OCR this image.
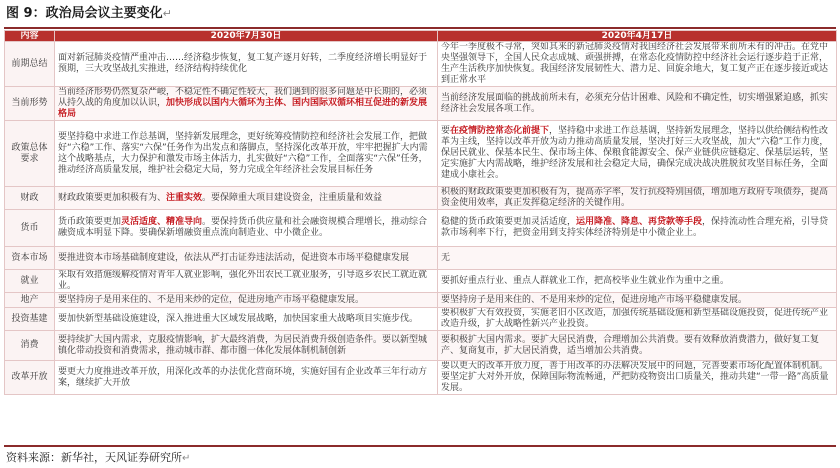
图 9：政治局会议主要变化↵
内容	2020年7月30日	2020年4月17日
前期总结	面对新冠肺炎疫情严重冲击……经济稳步恢复，复工复产逐月好转，二季度经济增长明显好于预期，三大攻坚战扎实推进，经济结构持续优化	今年一季度极不寻常，突如其来的新冠肺炎疫情对我国经济社会发展带来前所未有的冲击。在党中央坚强领导下，全国人民众志成城、顽强拼搏，在常态化疫情防控中经济社会运行逐步趋于正常，生产生活秩序加快恢复。我国经济发展韧性大、潜力足、回旋余地大，复工复产正在逐步接近或达到正常水平
当前形势	当前经济形势仍然复杂严峻，不稳定性不确定性较大，我们遇到的很多问题是中长期的，必须从持久战的角度加以认识，加快形成以国内大循环为主体、国内国际双循环相互促进的新发展格局	当前经济发展面临的挑战前所未有，必须充分估计困难、风险和不确定性，切实增强紧迫感，抓实经济社会发展各项工作。
政策总体要求	要坚持稳中求进工作总基调，坚持新发展理念，更好统筹疫情防控和经济社会发展工作，把做好“六稳”工作、落实“六保”任务作为出发点和落脚点，坚持深化改革开放，牢牢把握扩大内需这个战略基点，大力保护和激发市场主体活力，扎实做好“六稳”工作，全面落实“六保”任务，推动经济高质量发展，维护社会稳定大局，努力完成全年经济社会发展目标任务	要在疫情防控常态化前提下，坚持稳中求进工作总基调，坚持新发展理念，坚持以供给侧结构性改革为主线，坚持以改革开放为动力推动高质量发展，坚决打好三大攻坚战，加大“六稳”工作力度，保居民就业、保基本民生、保市场主体、保粮食能源安全、保产业链供应链稳定、保基层运转，坚定实施扩大内需战略，维护经济发展和社会稳定大局，确保完成决战决胜脱贫攻坚目标任务，全面建成小康社会。
财政	财政政策要更加积极有为、注重实效。要保障重大项目建设资金，注重质量和效益	积极的财政政策要更加积极有为，提高赤字率，发行抗疫特别国债，增加地方政府专项债券，提高资金使用效率，真正发挥稳定经济的关键作用。
货币	货币政策要更加灵活适度、精准导向。要保持货币供应量和社会融资规模合理增长，推动综合融资成本明显下降。要确保新增融资重点流向制造业、中小微企业。	稳健的货币政策要更加灵活适度，运用降准、降息、再贷款等手段，保持流动性合理充裕，引导贷款市场利率下行，把资金用到支持实体经济特别是中小微企业上。
资本市场	要推进资本市场基础制度建设，依法从严打击证券违法活动，促进资本市场平稳健康发展	无
就业	采取有效措施缓解疫情对青年人就业影响，强化外出农民工就业服务，引导返乡农民工就近就业。	要抓好重点行业、重点人群就业工作，把高校毕业生就业作为重中之重。
地产	要坚持房子是用来住的、不是用来炒的定位，促进房地产市场平稳健康发展。	要坚持房子是用来住的、不是用来炒的定位，促进房地产市场平稳健康发展。
投资基建	要加快新型基础设施建设，深入推进重大区域发展战略，加快国家重大战略项目实施步伐。	要积极扩大有效投资，实施老旧小区改造，加强传统基础设施和新型基础设施投资，促进传统产业改造升级，扩大战略性新兴产业投资。
消费	要持续扩大国内需求，克服疫情影响，扩大最终消费，为居民消费升级创造条件。要以新型城镇化带动投资和消费需求，推动城市群、都市圈一体化发展体制机制创新	要积极扩大国内需求。要扩大居民消费，合理增加公共消费。要有效释放消费潜力，做好复工复产、复商复市，扩大居民消费，适当增加公共消费。
改革开放	要更大力度推进改革开放，用深化改革的办法优化营商环境，实施好国有企业改革三年行动方案，继续扩大开放	要以更大的改革开放力度，善于用改革的办法解决发展中的问题，完善要素市场化配置体制机制。要坚定扩大对外开放，保障国际物流畅通，严把防疫物资出口质量关，推动共建“一带一路”高质量发展。
资料来源：新华社，天风证券研究所↵
